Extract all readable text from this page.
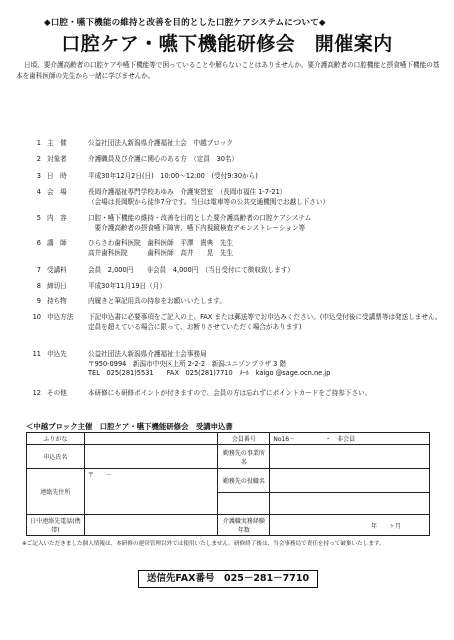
◆口腔・嚥下機能の維持と改善を目的とした口腔ケアシステムについて◆
口腔ケア・嚥下機能研修会　開催案内
日頃、要介護高齢者の口腔ケアや嚥下機能等で困っていることや解らないことはありませんか。要介護高齢者の口腔機能と摂食嚥下機能の基本を歯科医師の先生から一緒に学びませんか。
1 主　催	公益社団法人新潟県介護福祉士会　中越ブロック
2 対象者	介護職員及び介護に関心のある方　（定員　30名）
3 日　時	平成30年12月2日(日)　10:00～12:00　(受付9:30から)
4 会　場	長岡介護福祉専門学校あゆみ　介護実習室　（長岡市福住 1-7-21）
（会場は長岡駅から徒歩7分です。当日は電車等の公共交通機関でお越し下さい）
5 内　容	口腔・嚥下機能の維持・改善を目的とした要介護高齢者の口腔ケアシステム
　要介護高齢者の摂食嚥下障害、嚥下内視鏡検査デモンストレーション等
6 講　師	ひらさわ歯科医院　歯科医師　平澤　貴典　先生
高井歯科医院　　　歯科医師　高井　　晃　先生
7 受講料	会員　2,000円　　非会員　4,000円　（当日受付にて徴収致します）
8 締切日	平成30年11月19日（月）
9 持ち物	内履きと筆記用具の持参をお願いいたします。
10 申込方法	下記申込書に必要事項をご記入の上、FAX または郵送等でお申込みください。(申込受付後に受講票等は発送しません。定員を超えている場合に限って、お断りさせていただく場合があります)
11 申込先	公益社団法人新潟県介護福祉士会事務局
〒950-0994　新潟市中央区上所 2-2-2　新潟ユニゾンプラザ 3 階
TEL　025(281)5531　　FAX　025(281)7710　ﾒｰﾙ　kaigo @sage.ocn.ne.jp
12 その他	本研修にも研修ポイントが付きますので、会員の方は忘れずにポイントカードをご持参下さい。
＜中越ブロック主催　口腔ケア・嚥下機能研修会　受講申込書
ふりがな		会員番号	No16－　　　　　・　非会員
申込氏名		勤務先の事業所名	
連絡先住所	〒　　－	勤務先の役職名	

日中連絡先電話(携帯)		介護職実務経験年数	年　　ヶ月
※ご記入いただきました個人情報は、本研修の運営管理以外では使用いたしません。研修終了後は、当会事務局で責任を持って破棄いたします。
送信先FAX番号　025－281－7710
